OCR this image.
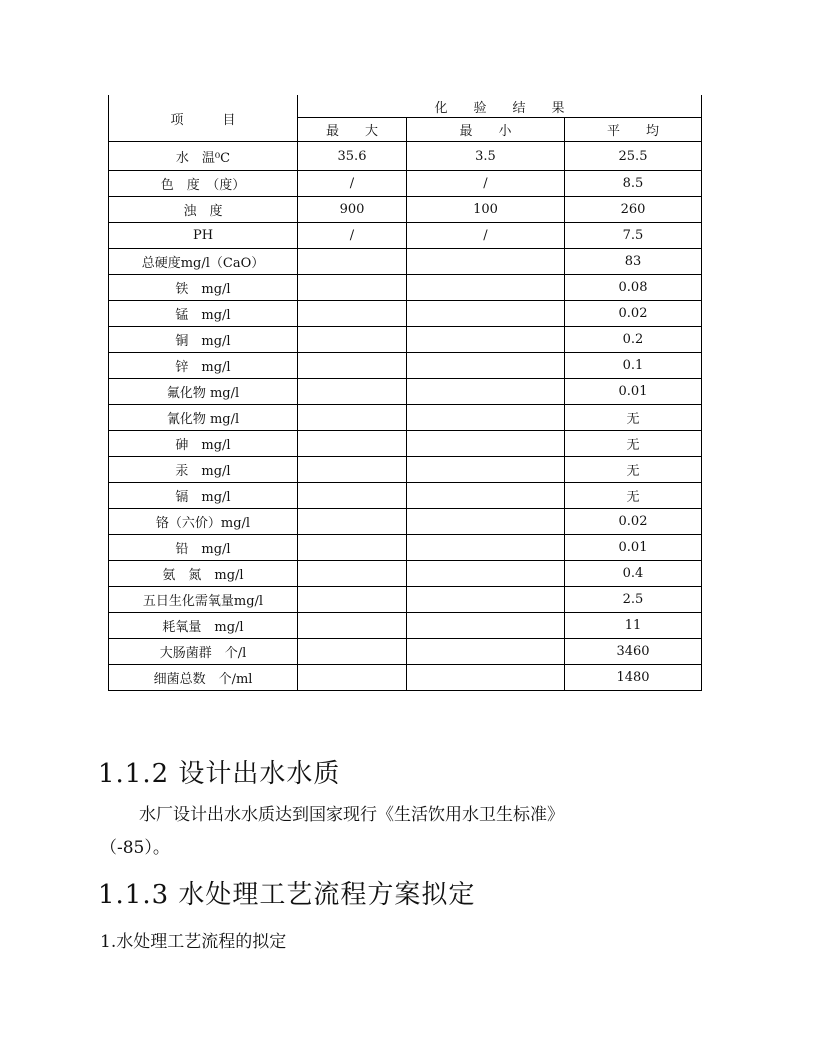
项　　　目	化　　验　　结　　果		
	最　　大	最　　小	平　　均
水　温⁰C	35.6	3.5	25.5
色　度　（度）	/	/	8.5
浊　度	900	100	260
PH	/	/	7.5
总硬度mg/l（CaO）			83
铁　mg/l			0.08
锰　mg/l			0.02
铜　mg/l			0.2
锌　mg/l			0.1
氟化物 mg/l			0.01
氰化物 mg/l			无
砷　mg/l			无
汞　mg/l			无
镉　mg/l			无
铬（六价）mg/l			0.02
铅　mg/l			0.01
氨　氮　mg/l			0.4
五日生化需氧量mg/l			2.5
耗氧量　mg/l			11
大肠菌群　个/l			3460
细菌总数　个/ml			1480
1.1.2 设计出水水质

水厂设计出水水质达到国家现行《生活饮用水卫生标准》

（-85）。

1.1.3 水处理工艺流程方案拟定

1.水处理工艺流程的拟定
